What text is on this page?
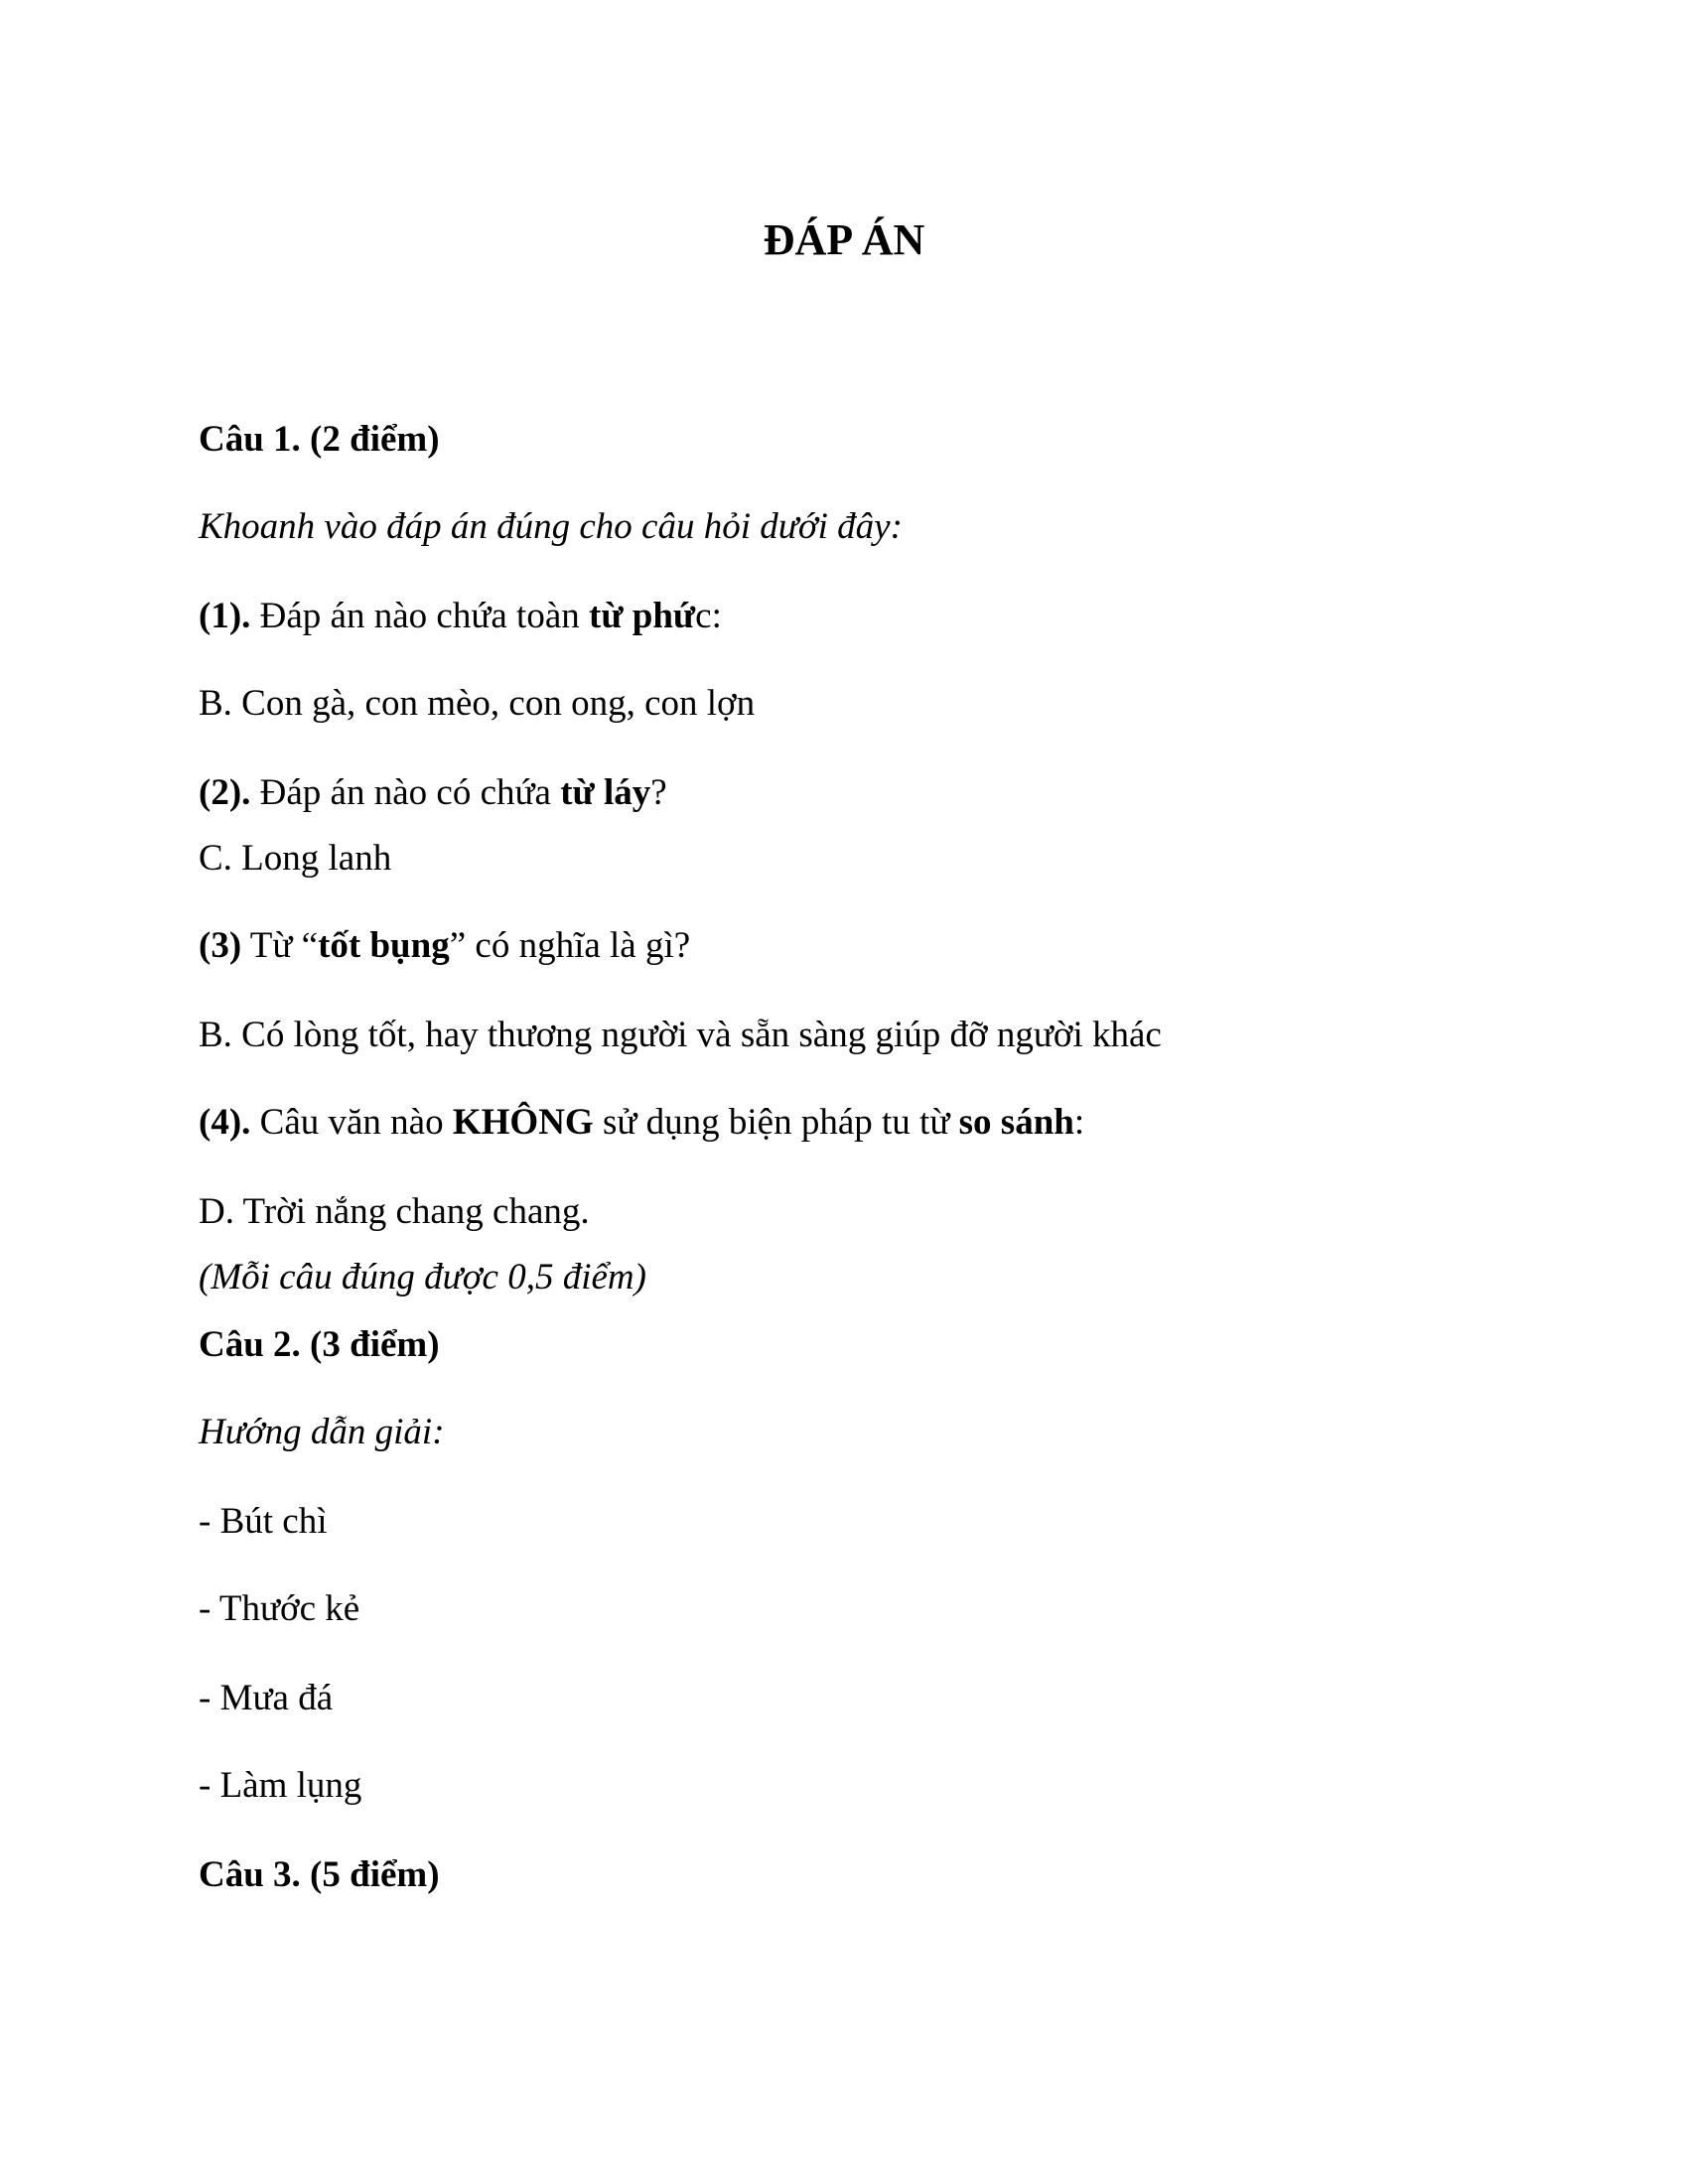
ĐÁP ÁN
Câu 1. (2 điểm)
Khoanh vào đáp án đúng cho câu hỏi dưới đây:
(1). Đáp án nào chứa toàn từ phức:
B. Con gà, con mèo, con ong, con lợn
(2). Đáp án nào có chứa từ láy?
C. Long lanh
(3) Từ “tốt bụng” có nghĩa là gì?
B. Có lòng tốt, hay thương người và sẵn sàng giúp đỡ người khác
(4). Câu văn nào KHÔNG sử dụng biện pháp tu từ so sánh:
D. Trời nắng chang chang.
(Mỗi câu đúng được 0,5 điểm)
Câu 2. (3 điểm)
Hướng dẫn giải:
- Bút chì
- Thước kẻ
- Mưa đá
- Làm lụng
Câu 3. (5 điểm)
